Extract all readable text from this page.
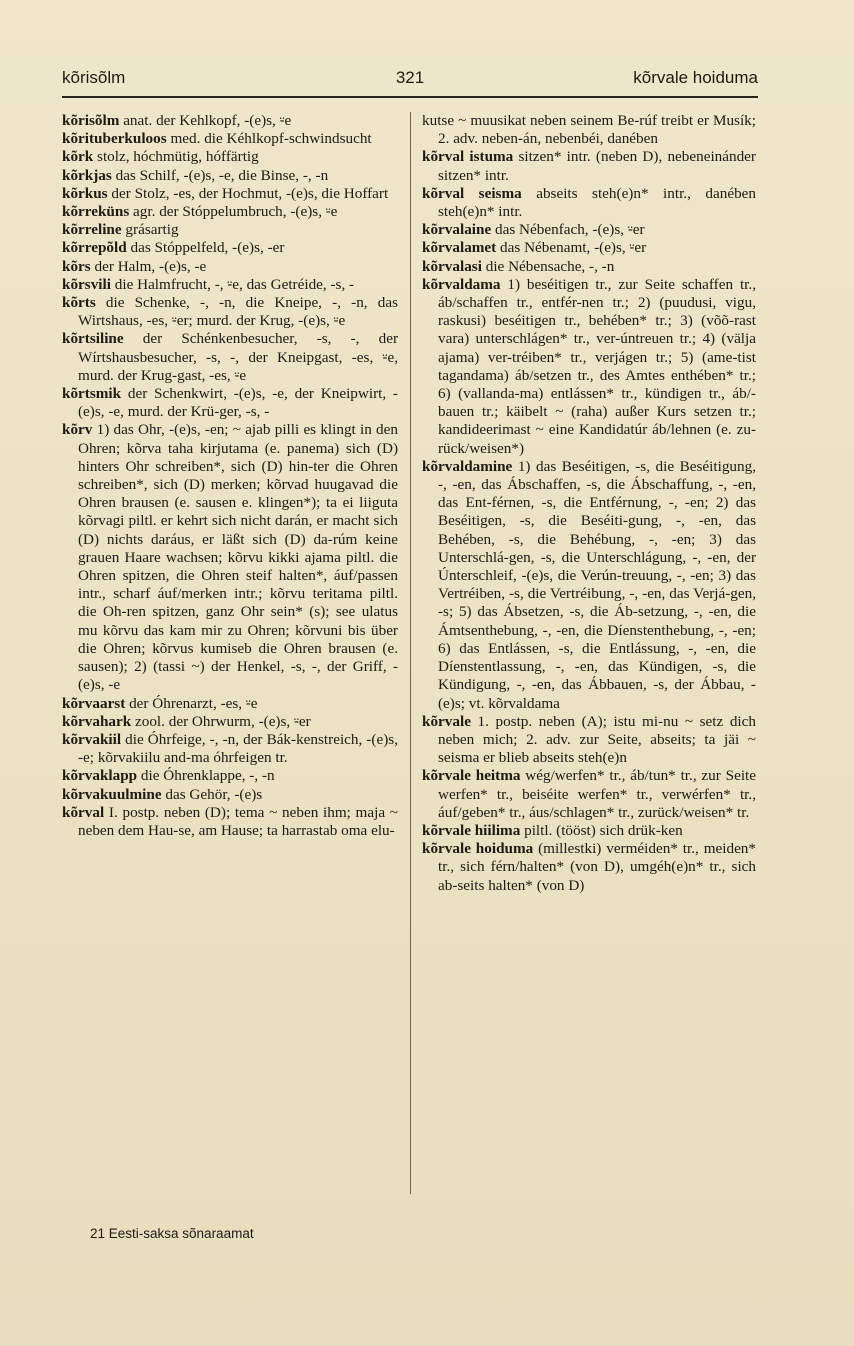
kõrisõlm	321	kõrvale hoiduma

kõrisõlm anat. der Kehlkopf, -(e)s, ⸚e

kõrituberkuloos med. die Kéhlkopf-schwindsucht

kõrk stolz, hóchmütig, hóffärtig

kõrkjas das Schilf, -(e)s, -e, die Binse, -, -n

kõrkus der Stolz, -es, der Hochmut, -(e)s, die Hoffart

kõrreküns agr. der Stóppelumbruch, -(e)s, ⸚e

kõrreline grásartig

kõrrepõld das Stóppelfeld, -(e)s, -er

kõrs der Halm, -(e)s, -e

kõrsvili die Halmfrucht, -, ⸚e, das Getréide, -s, -

kõrts die Schenke, -, -n, die Kneipe, -, -n, das Wirtshaus, -es, ⸚er; murd. der Krug, -(e)s, ⸚e

kõrtsiline der Schénkenbesucher, -s, -, der Wírtshausbesucher, -s, -, der Kneipgast, -es, ⸚e, murd. der Krug-gast, -es, ⸚e

kõrtsmik der Schenkwirt, -(e)s, -e, der Kneipwirt, -(e)s, -e, murd. der Krü-ger, -s, -

kõrv 1) das Ohr, -(e)s, -en; ~ ajab pilli es klingt in den Ohren; kõrva taha kirjutama (e. panema) sich (D) hinters Ohr schreiben*, sich (D) hin-ter die Ohren schreiben*, sich (D) merken; kõrvad huugavad die Ohren brausen (e. sausen e. klingen*); ta ei liiguta kõrvagi piltl. er kehrt sich nicht darán, er macht sich (D) nichts daráus, er läßt sich (D) da-rúm keine grauen Haare wachsen; kõrvu kikki ajama piltl. die Ohren spitzen, die Ohren steif halten*, áuf/passen intr., scharf áuf/merken intr.; kõrvu teritama piltl. die Oh-ren spitzen, ganz Ohr sein* (s); see ulatus mu kõrvu das kam mir zu Ohren; kõrvuni bis über die Ohren; kõrvus kumiseb die Ohren brausen (e. sausen); 2) (tassi ~) der Henkel, -s, -, der Griff, -(e)s, -e

kõrvaarst der Óhrenarzt, -es, ⸚e

kõrvahark zool. der Ohrwurm, -(e)s, ⸚er

kõrvakiil die Óhrfeige, -, -n, der Bák-kenstreich, -(e)s, -e; kõrvakiilu and-ma óhrfeigen tr.

kõrvaklapp die Óhrenklappe, -, -n

kõrvakuulmine das Gehör, -(e)s

kõrval I. postp. neben (D); tema ~ neben ihm; maja ~ neben dem Hau-se, am Hause; ta harrastab oma elu-

kutse ~ muusikat neben seinem Be-rúf treibt er Musík; 2. adv. neben-án, nebenbéi, danében

kõrval istuma sitzen* intr. (neben D), nebeneinánder sitzen* intr.

kõrval seisma abseits steh(e)n* intr., danében steh(e)n* intr.

kõrvalaine das Nébenfach, -(e)s, ⸚er

kõrvalamet das Nébenamt, -(e)s, ⸚er

kõrvalasi die Nébensache, -, -n

kõrvaldama 1) beséitigen tr., zur Seite schaffen tr., áb/schaffen tr., entfér-nen tr.; 2) (puudusi, vigu, raskusi) beséitigen tr., behében* tr.; 3) (võõ-rast vara) unterschlágen* tr., ver-úntreuen tr.; 4) (välja ajama) ver-tréiben* tr., verjágen tr.; 5) (ame-tist tagandama) áb/setzen tr., des Amtes enthében* tr.; 6) (vallanda-ma) entlássen* tr., kündigen tr., áb/-bauen tr.; käibelt ~ (raha) außer Kurs setzen tr.; kandideerimast ~ eine Kandidatúr áb/lehnen (e. zu-rück/weisen*)

kõrvaldamine 1) das Beséitigen, -s, die Beséitigung, -, -en, das Ábschaffen, -s, die Ábschaffung, -, -en, das Ent-férnen, -s, die Entférnung, -, -en; 2) das Beséitigen, -s, die Beséiti-gung, -, -en, das Behében, -s, die Behébung, -, -en; 3) das Unterschlá-gen, -s, die Unterschlágung, -, -en, der Únterschleif, -(e)s, die Verún-treuung, -, -en; 3) das Vertréiben, -s, die Vertréibung, -, -en, das Verjá-gen, -s; 5) das Ábsetzen, -s, die Áb-setzung, -, -en, die Ámtsenthebung, -, -en, die Díenstenthebung, -, -en; 6) das Entlássen, -s, die Entlássung, -, -en, die Díenstentlassung, -, -en, das Kündigen, -s, die Kündigung, -, -en, das Ábbauen, -s, der Ábbau, -(e)s; vt. kõrvaldama

kõrvale 1. postp. neben (A); istu mi-nu ~ setz dich neben mich; 2. adv. zur Seite, abseits; ta jäi ~ seisma er blieb abseits steh(e)n

kõrvale heitma wég/werfen* tr., áb/tun* tr., zur Seite werfen* tr., beiséite werfen* tr., verwérfen* tr., áuf/geben* tr., áus/schlagen* tr., zurück/weisen* tr.

kõrvale hiilima piltl. (tööst) sich drük-ken

kõrvale hoiduma (millestki) verméiden* tr., meiden* tr., sich férn/halten* (von D), umgéh(e)n* tr., sich ab-seits halten* (von D)

21 Eesti-saksa sõnaraamat
